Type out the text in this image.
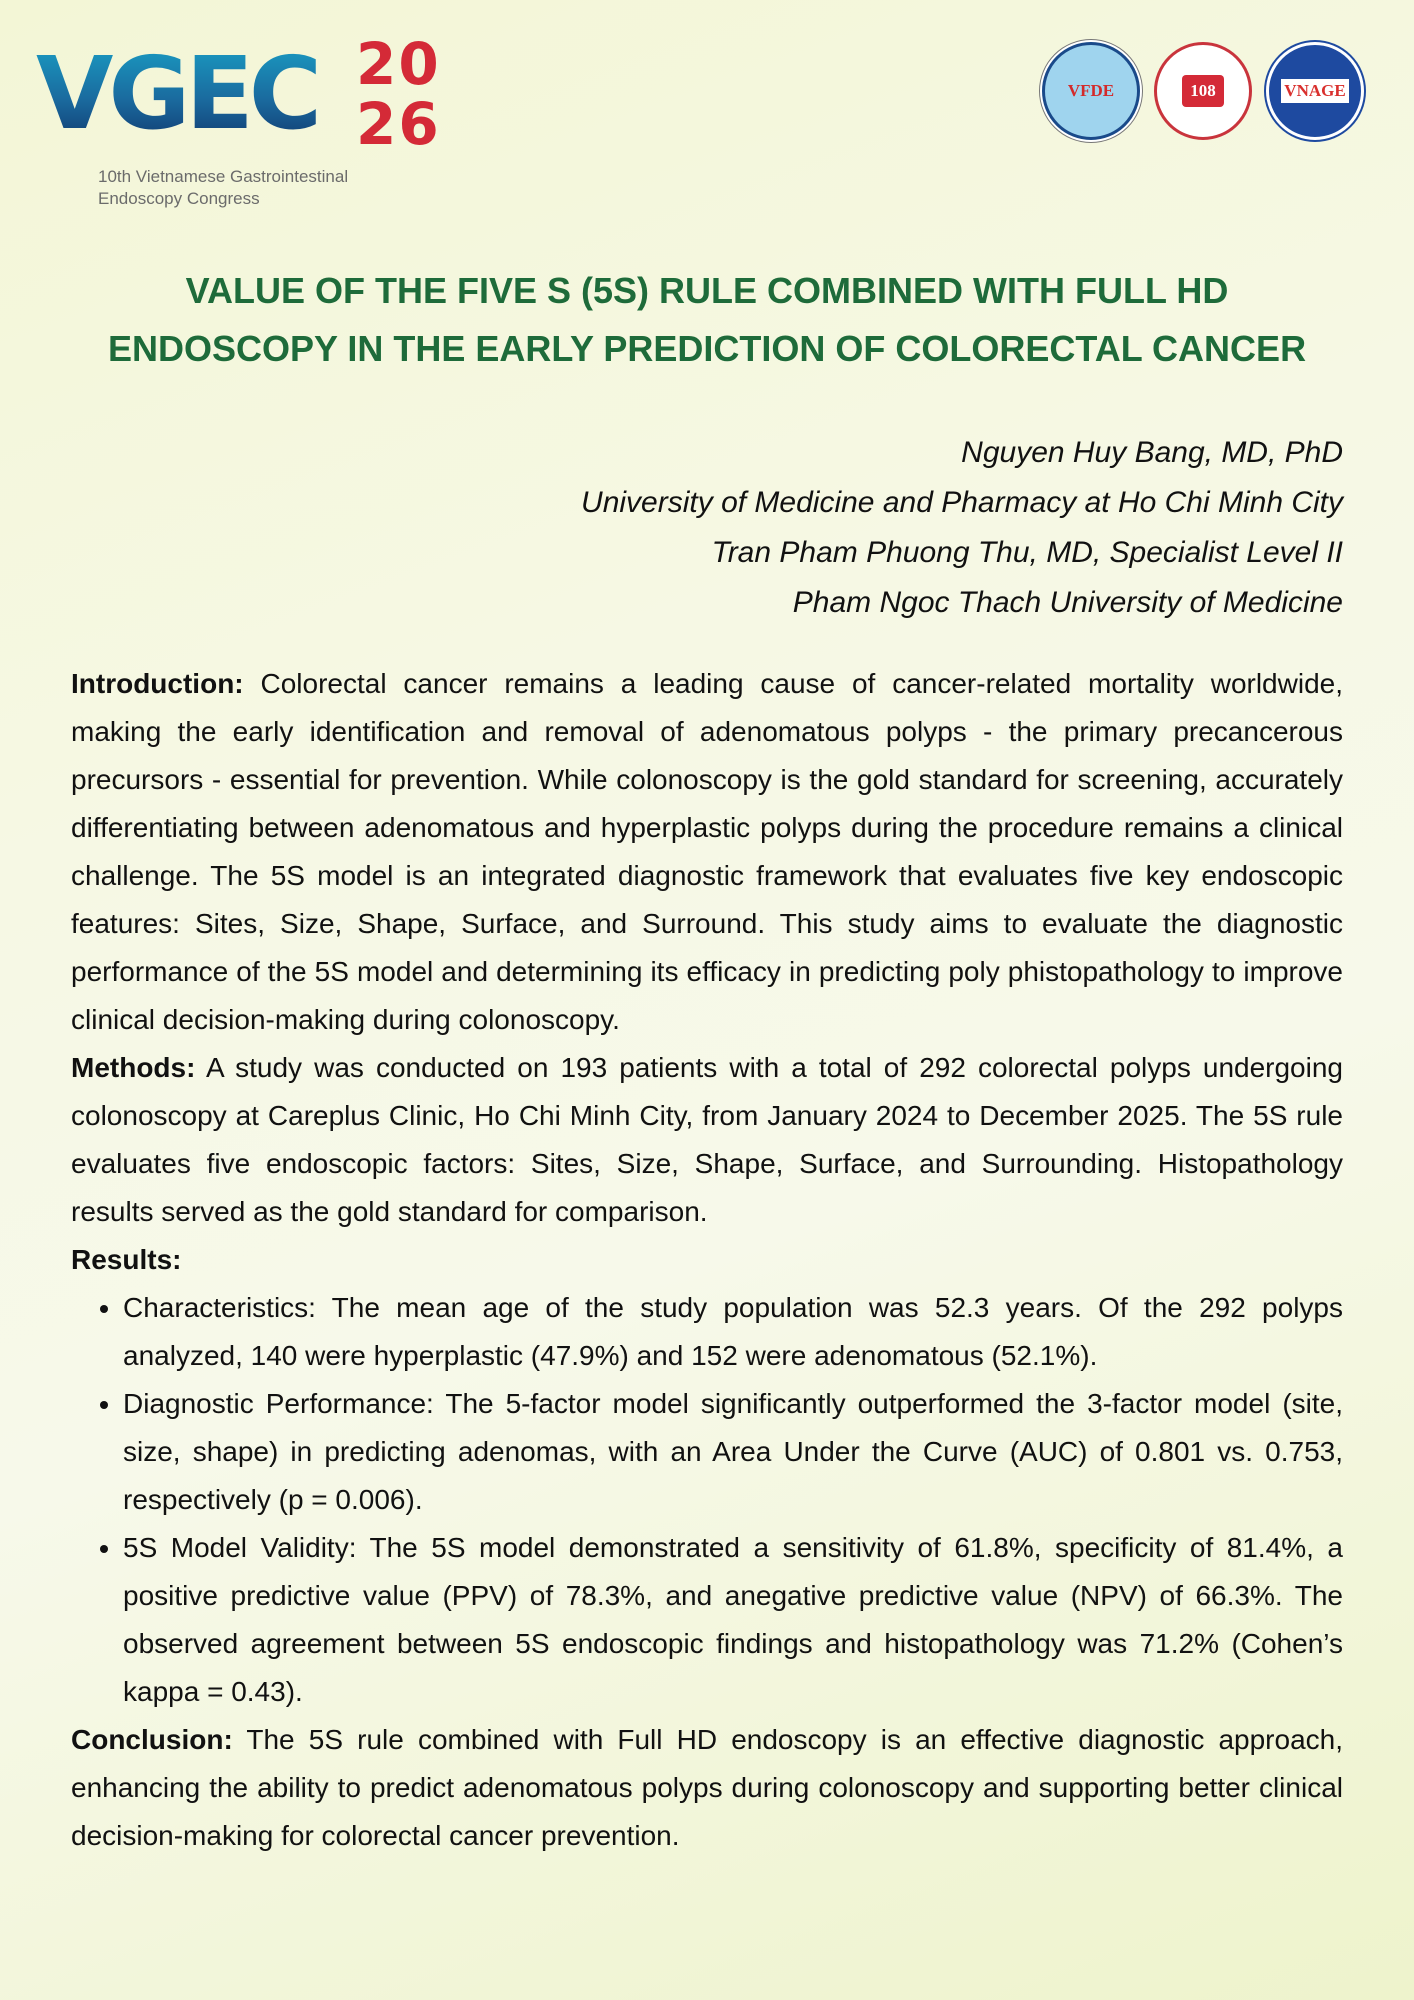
VGEC 20
26
10th Vietnamese Gastrointestinal
Endoscopy Congress
VFDE	108	VNAGE
VALUE OF THE FIVE S (5S) RULE COMBINED WITH FULL HD
ENDOSCOPY IN THE EARLY PREDICTION OF COLORECTAL CANCER
Nguyen Huy Bang, MD, PhD
University of Medicine and Pharmacy at Ho Chi Minh City
Tran Pham Phuong Thu, MD, Specialist Level II
Pham Ngoc Thach University of Medicine

Introduction: Colorectal cancer remains a leading cause of cancer-related mortality worldwide, making the early identification and removal of adenomatous polyps - the primary precancerous precursors - essential for prevention. While colonoscopy is the gold standard for screening, accurately differentiating between adenomatous and hyperplastic polyps during the procedure remains a clinical challenge. The 5S model is an integrated diagnostic framework that evaluates five key endoscopic features: Sites, Size, Shape, Surface, and Surround. This study aims to evaluate the diagnostic performance of the 5S model and determining its efficacy in predicting poly phistopathology to improve clinical decision-making during colonoscopy.

Methods: A study was conducted on 193 patients with a total of 292 colorectal polyps undergoing colonoscopy at Careplus Clinic, Ho Chi Minh City, from January 2024 to December 2025. The 5S rule evaluates five endoscopic factors: Sites, Size, Shape, Surface, and Surrounding. Histopathology results served as the gold standard for comparison.

Results:

• Characteristics: The mean age of the study population was 52.3 years. Of the 292 polyps analyzed, 140 were hyperplastic (47.9%) and 152 were adenomatous (52.1%).
• Diagnostic Performance: The 5-factor model significantly outperformed the 3-factor model (site, size, shape) in predicting adenomas, with an Area Under the Curve (AUC) of 0.801 vs. 0.753, respectively (p = 0.006).
• 5S Model Validity: The 5S model demonstrated a sensitivity of 61.8%, specificity of 81.4%, a positive predictive value (PPV) of 78.3%, and anegative predictive value (NPV) of 66.3%. The observed agreement between 5S endoscopic findings and histopathology was 71.2% (Cohen’s kappa = 0.43).

Conclusion: The 5S rule combined with Full HD endoscopy is an effective diagnostic approach, enhancing the ability to predict adenomatous polyps during colonoscopy and supporting better clinical decision-making for colorectal cancer prevention.
